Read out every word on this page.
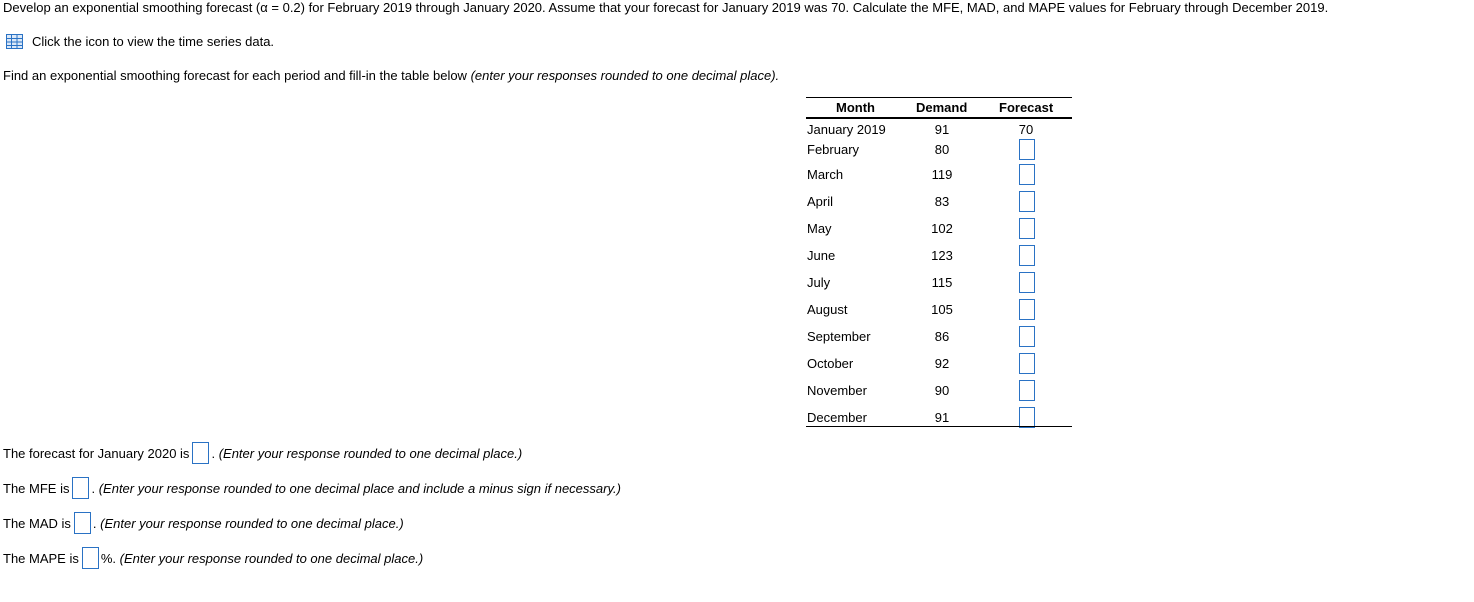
Develop an exponential smoothing forecast (α = 0.2) for February 2019 through January 2020. Assume that your forecast for January 2019 was 70. Calculate the MFE, MAD, and MAPE values for February through December 2019.
Click the icon to view the time series data.
Find an exponential smoothing forecast for each period and fill-in the table below (enter your responses rounded to one decimal place).
Month	Demand Forecast
January 2019	91	70
February	80
March	119
April	83
May	102
June	123
July	115
August	105
September	86
October	92
November	90
December	91
The forecast for January 2020 is .
(Enter your response rounded to one decimal place.)
The MFE is .
(Enter your response rounded to one decimal place and include a minus sign if necessary.)
The MAD is .
(Enter your response rounded to one decimal place.)
The MAPE is %.
(Enter your response rounded to one decimal place.)
